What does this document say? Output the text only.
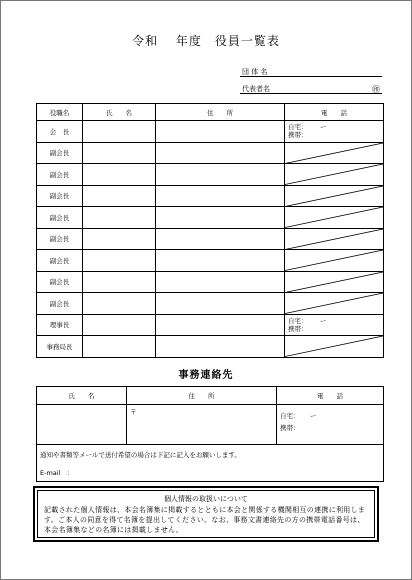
令和　 年度　役員一覧表
団 体 名
代表者名	㊞
役職名	氏　　名	住　　所	電　　話
会　長			自宅： ー
携帯：

副会長			

副会長			

副会長			

副会長			

副会長			

副会長			

副会長			

副会長			

理事長			自宅： ー
携帯：

事務局長			
事務連絡先
氏　　名	住　　所	電　　話
	〒	自宅： ー
携帯：

通知や書類等メールで送付希望の場合は下記に記入をお願いします。		
E-mail　：		
個人情報の取扱いについて
記載された個人情報は、本会名簿集に掲載するとともに本会と関係する機関相互の連携に利用します。ご本人の同意を得て名簿を提出してください。なお、事務文書連絡先の方の携帯電話番号は、本会名簿集などの名簿には掲載しません。
